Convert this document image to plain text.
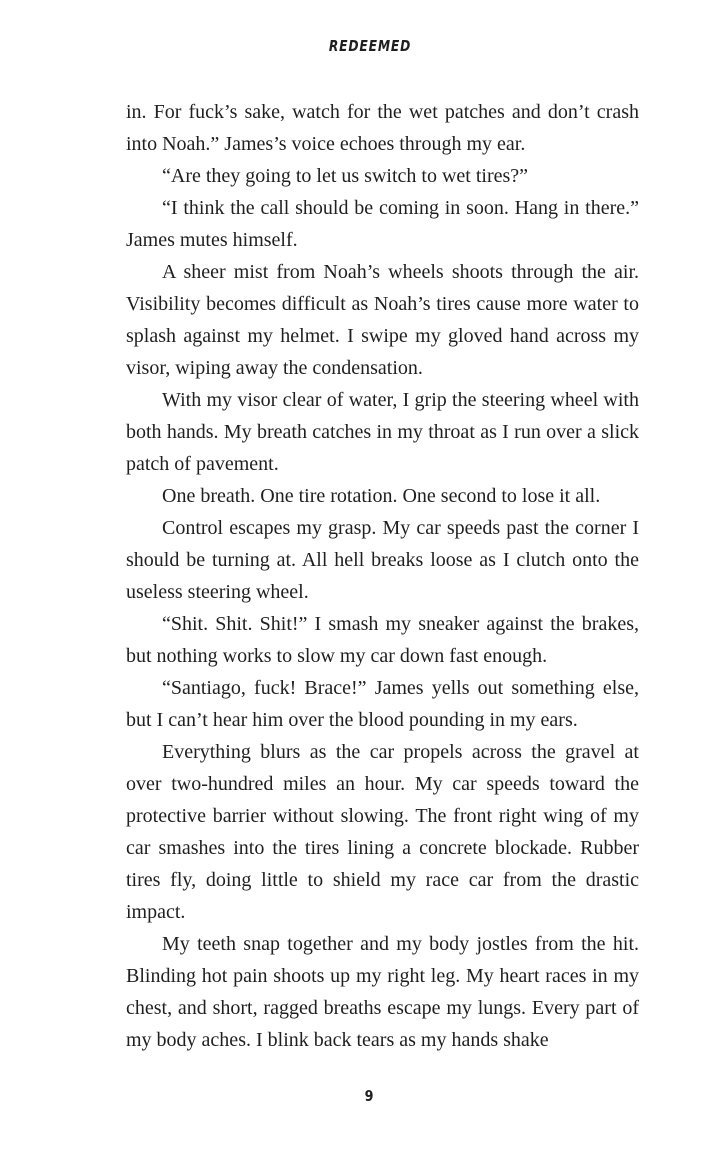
REDEEMED

in. For fuck’s sake, watch for the wet patches and don’t crash into Noah.” James’s voice echoes through my ear.

“Are they going to let us switch to wet tires?”

“I think the call should be coming in soon. Hang in there.” James mutes himself.

A sheer mist from Noah’s wheels shoots through the air. Visibility becomes difficult as Noah’s tires cause more water to splash against my helmet. I swipe my gloved hand across my visor, wiping away the condensation.

With my visor clear of water, I grip the steering wheel with both hands. My breath catches in my throat as I run over a slick patch of pavement.

One breath. One tire rotation. One second to lose it all.

Control escapes my grasp. My car speeds past the corner I should be turning at. All hell breaks loose as I clutch onto the useless steering wheel.

“Shit. Shit. Shit!” I smash my sneaker against the brakes, but nothing works to slow my car down fast enough.

“Santiago, fuck! Brace!” James yells out something else, but I can’t hear him over the blood pounding in my ears.

Everything blurs as the car propels across the gravel at over two-hundred miles an hour. My car speeds toward the protective barrier without slowing. The front right wing of my car smashes into the tires lining a concrete blockade. Rubber tires fly, doing little to shield my race car from the drastic impact.

My teeth snap together and my body jostles from the hit. Blinding hot pain shoots up my right leg. My heart races in my chest, and short, ragged breaths escape my lungs. Every part of my body aches. I blink back tears as my hands shake

9
